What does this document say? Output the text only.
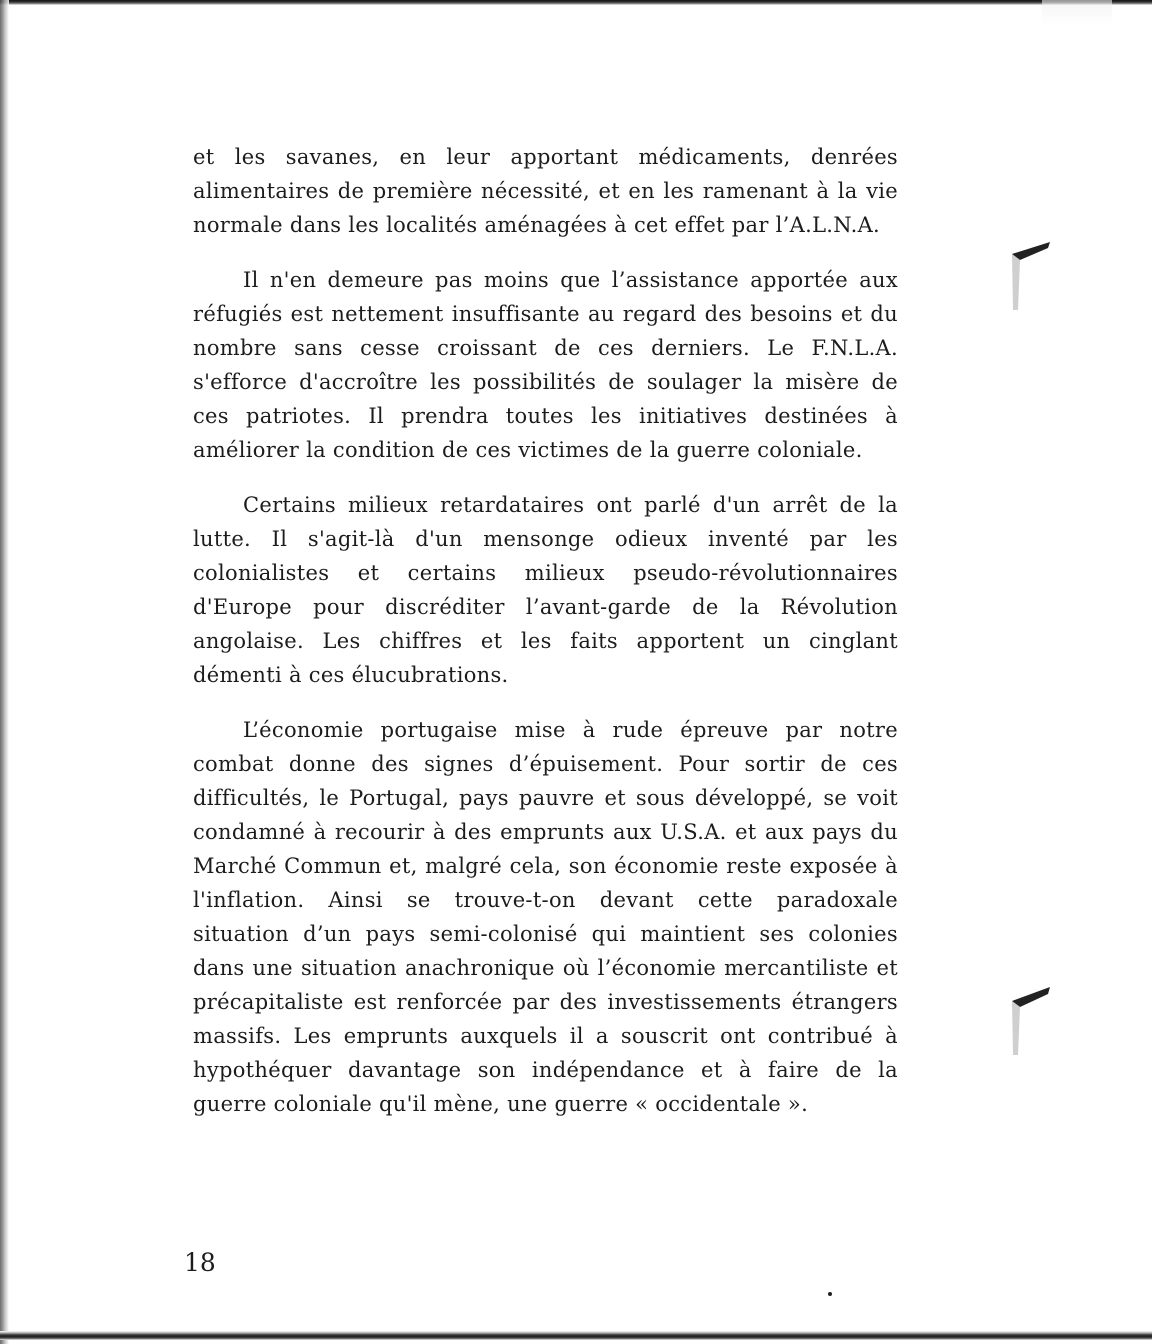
et les savanes, en leur apportant médicaments, denrées alimentaires de première nécessité, et en les ramenant à la vie normale dans les localités aménagées à cet effet par l’A.L.N.A.

Il n'en demeure pas moins que l’assistance apportée aux réfugiés est nettement insuffisante au regard des besoins et du nombre sans cesse croissant de ces derniers. Le F.N.L.A. s'efforce d'accroître les possibilités de soulager la misère de ces patriotes. Il prendra toutes les initiatives destinées à améliorer la condition de ces victimes de la guerre coloniale.

Certains milieux retardataires ont parlé d'un arrêt de la lutte. Il s'agit-là d'un mensonge odieux inventé par les colonialistes et certains milieux pseudo-révolutionnaires d'Europe pour discréditer l’avant-garde de la Révolution angolaise. Les chiffres et les faits apportent un cinglant démenti à ces élucubrations.

L’économie portugaise mise à rude épreuve par notre combat donne des signes d’épuisement. Pour sortir de ces difficultés, le Portugal, pays pauvre et sous développé, se voit condamné à recourir à des emprunts aux U.S.A. et aux pays du Marché Commun et, malgré cela, son économie reste exposée à l'inflation. Ainsi se trouve-t-on devant cette paradoxale situation d’un pays semi-colonisé qui maintient ses colonies dans une situation anachronique où l’économie mercantiliste et précapitaliste est renforcée par des investissements étrangers massifs. Les emprunts auxquels il a souscrit ont contribué à hypothéquer davantage son indépendance et à faire de la guerre coloniale qu'il mène, une guerre « occidentale ».

18
